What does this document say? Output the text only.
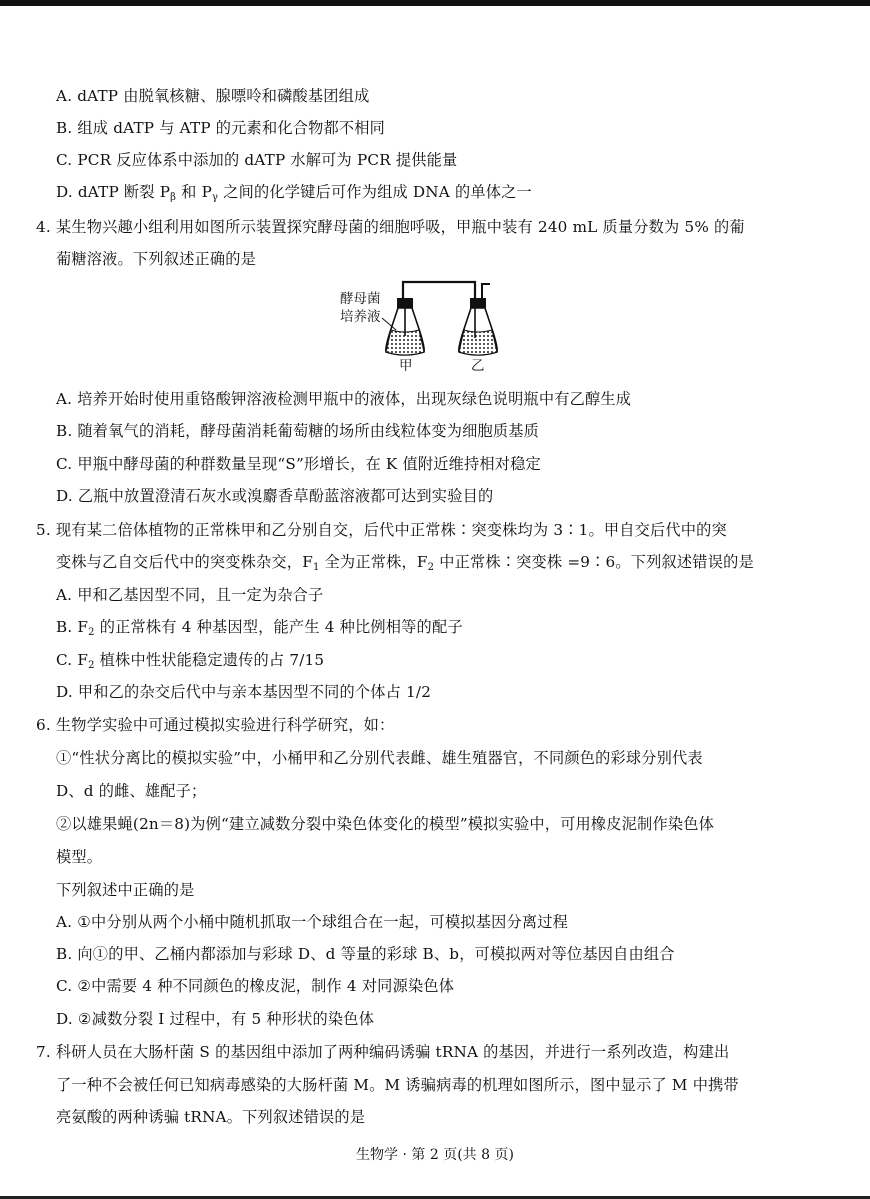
A. dATP 由脱氧核糖、腺嘌呤和磷酸基团组成
B. 组成 dATP 与 ATP 的元素和化合物都不相同
C. PCR 反应体系中添加的 dATP 水解可为 PCR 提供能量
D. dATP 断裂 $P_\beta$ 和 $P_\gamma$ 之间的化学键后可作为组成 DNA 的单体之一
4. 某生物兴趣小组利用如图所示装置探究酵母菌的细胞呼吸，甲瓶中装有 240 mL 质量分数为 5% 的葡
葡糖溶液。下列叙述正确的是
酵母菌
培养液
甲	乙
A. 培养开始时使用重铬酸钾溶液检测甲瓶中的液体，出现灰绿色说明瓶中有乙醇生成
B. 随着氧气的消耗，酵母菌消耗葡萄糖的场所由线粒体变为细胞质基质
C. 甲瓶中酵母菌的种群数量呈现“S”形增长，在 K 值附近维持相对稳定
D. 乙瓶中放置澄清石灰水或溴麝香草酚蓝溶液都可达到实验目的
5. 现有某二倍体植物的正常株甲和乙分别自交，后代中正常株∶突变株均为 3∶1。甲自交后代中的突
变株与乙自交后代中的突变株杂交，$F_1$ 全为正常株，$F_2$ 中正常株∶突变株 =9∶6。下列叙述错误的是
A. 甲和乙基因型不同，且一定为杂合子
B. $F_2$ 的正常株有 4 种基因型，能产生 4 种比例相等的配子
C. $F_2$ 植株中性状能稳定遗传的占 7/15
D. 甲和乙的杂交后代中与亲本基因型不同的个体占 1/2
6. 生物学实验中可通过模拟实验进行科学研究，如：
①“性状分离比的模拟实验”中，小桶甲和乙分别代表雌、雄生殖器官，不同颜色的彩球分别代表
D、d 的雌、雄配子；
②以雄果蝇(2n＝8)为例“建立减数分裂中染色体变化的模型”模拟实验中，可用橡皮泥制作染色体
模型。
下列叙述中正确的是
A. ①中分别从两个小桶中随机抓取一个球组合在一起，可模拟基因分离过程
B. 向①的甲、乙桶内都添加与彩球 D、d 等量的彩球 B、b，可模拟两对等位基因自由组合
C. ②中需要 4 种不同颜色的橡皮泥，制作 4 对同源染色体
D. ②减数分裂 I 过程中，有 5 种形状的染色体
7. 科研人员在大肠杆菌 S 的基因组中添加了两种编码诱骗 tRNA 的基因，并进行一系列改造，构建出
了一种不会被任何已知病毒感染的大肠杆菌 M。M 诱骗病毒的机理如图所示，图中显示了 M 中携带
亮氨酸的两种诱骗 tRNA。下列叙述错误的是
生物学 · 第 2 页(共 8 页)
